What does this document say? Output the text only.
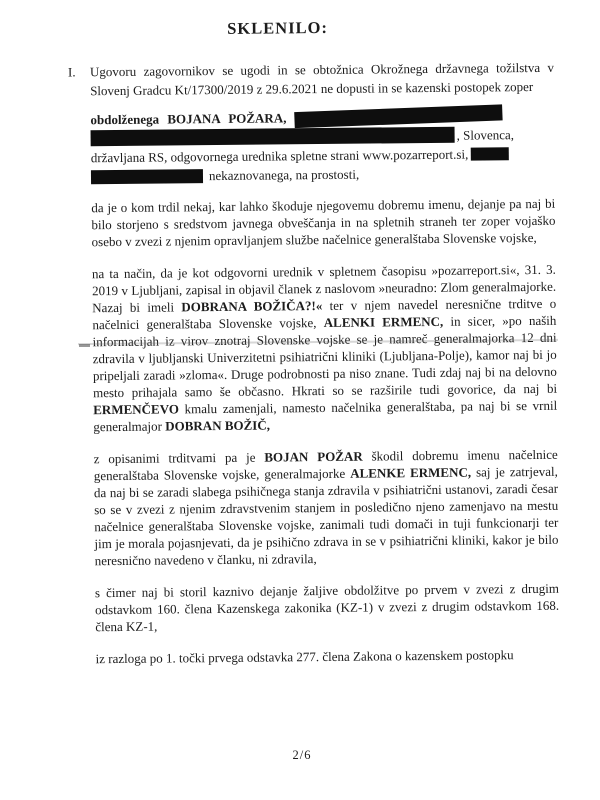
SKLENILO:
I. Ugovoru zagovornikov se ugodi in se obtožnica Okrožnega državnega tožilstva v Slovenj Gradcu Kt/17300/2019 z 29.6.2021 ne dopusti in se kazenski postopek zoper
obdolženega BOJANA POŽARA,
, Slovenca,
državljana RS, odgovornega urednika spletne strani www.pozarreport.si,
nekaznovanega, na prostosti,

da je o kom trdil nekaj, kar lahko škoduje njegovemu dobremu imenu, dejanje pa naj bi bilo storjeno s sredstvom javnega obveščanja in na spletnih straneh ter zoper vojaško osebo v zvezi z njenim opravljanjem službe načelnice generalštaba Slovenske vojske,

na ta način, da je kot odgovorni urednik v spletnem časopisu »pozarreport.si«, 31. 3. 2019 v Ljubljani, zapisal in objavil članek z naslovom »neuradno: Zlom generalmajorke. Nazaj bi imeli DOBRANA BOŽIČA?!« ter v njem navedel neresnične trditve o načelnici generalštaba Slovenske vojske, ALENKI ERMENC, in sicer, »po naših informacijah iz virov znotraj Slovenske vojske se je namreč generalmajorka 12 dni zdravila v ljubljanski Univerzitetni psihiatrični kliniki (Ljubljana-Polje), kamor naj bi jo pripeljali zaradi »zloma«. Druge podrobnosti pa niso znane. Tudi zdaj naj bi na delovno mesto prihajala samo še občasno. Hkrati so se razširile tudi govorice, da naj bi ERMENČEVO kmalu zamenjali, namesto načelnika generalštaba, pa naj bi se vrnil generalmajor DOBRAN BOŽIČ,

z opisanimi trditvami pa je BOJAN POŽAR škodil dobremu imenu načelnice generalštaba Slovenske vojske, generalmajorke ALENKE ERMENC, saj je zatrjeval, da naj bi se zaradi slabega psihičnega stanja zdravila v psihiatrični ustanovi, zaradi česar so se v zvezi z njenim zdravstvenim stanjem in posledično njeno zamenjavo na mestu načelnice generalštaba Slovenske vojske, zanimali tudi domači in tuji funkcionarji ter jim je morala pojasnjevati, da je psihično zdrava in se v psihiatrični kliniki, kakor je bilo neresnično navedeno v članku, ni zdravila,

s čimer naj bi storil kaznivo dejanje žaljive obdolžitve po prvem v zvezi z drugim odstavkom 160. člena Kazenskega zakonika (KZ-1) v zvezi z drugim odstavkom 168. člena KZ-1,

iz razloga po 1. točki prvega odstavka 277. člena Zakona o kazenskem postopku

2/6
